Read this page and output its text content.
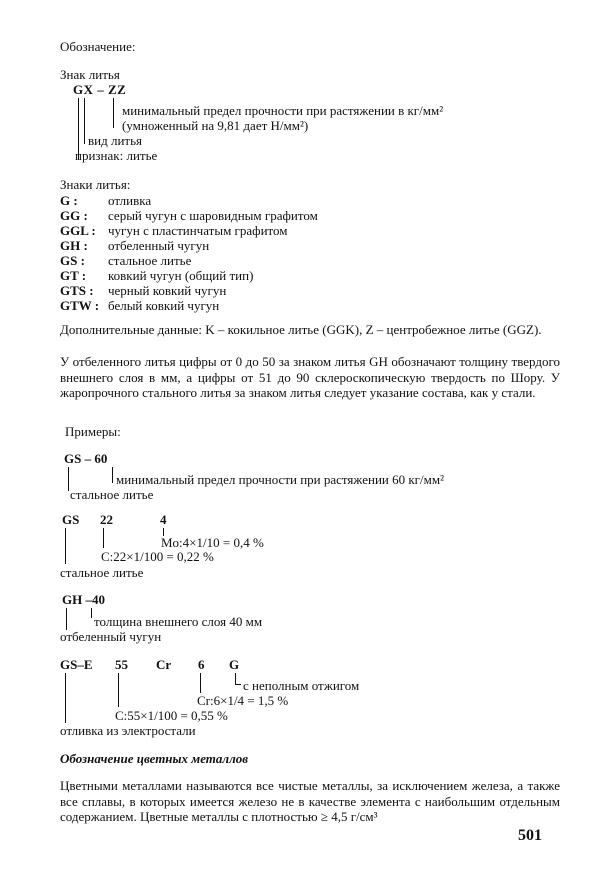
Обозначение:
Знак литья
GX – ZZ
минимальный предел прочности при растяжении в кг/мм²
(умноженный на 9,81 дает Н/мм²)
вид литья
признак: литье
Знаки литья:
G : отливка
GG : серый чугун с шаровидным графитом
GGL : чугун с пластинчатым графитом
GH : отбеленный чугун
GS : стальное литье
GT : ковкий чугун (общий тип)
GTS : черный ковкий чугун
GTW : белый ковкий чугун
Дополнительные данные: K – кокильное литье (GGK), Z – центробежное литье (GGZ).
У отбеленного литья цифры от 0 до 50 за знаком литья GH обозначают толщину твердого внешнего слоя в мм, а цифры от 51 до 90 склероскопическую твердость по Шору. У жаропрочного стального литья за знаком литья следует указание состава, как у стали.
Примеры:
GS – 60
минимальный предел прочности при растяжении 60 кг/мм²
стальное литье
GS 22	4
Mo:4×1/10 = 0,4 %
C:22×1/100 = 0,22 %
стальное литье
GH –40
толщина внешнего слоя 40 мм
отбеленный чугун
GS–E 55 Cr 6 G
с неполным отжигом
Cr:6×1/4 = 1,5 %
C:55×1/100 = 0,55 %
отливка из электростали
Обозначение цветных металлов
Цветными металлами называются все чистые металлы, за исключением железа, а также все сплавы, в которых имеется железо не в качестве элемента с наибольшим отдельным содержанием. Цветные металлы с плотностью ≥ 4,5 г/см³
501
